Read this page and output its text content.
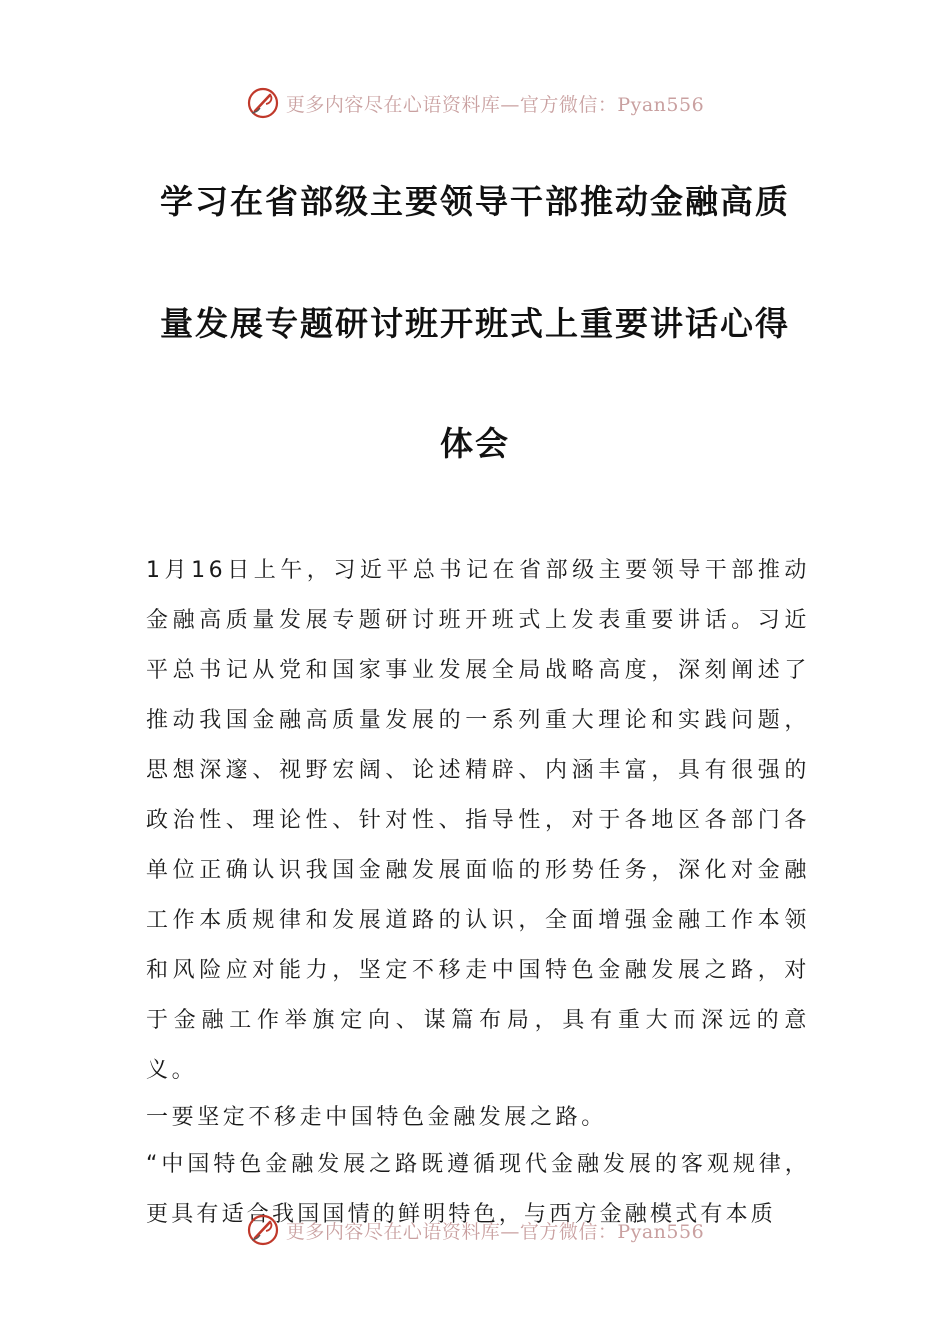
更多内容尽在心语资料库—官方微信：Pyan556
学习在省部级主要领导干部推动金融高质
量发展专题研讨班开班式上重要讲话心得
体会

1月16日上午，习近平总书记在省部级主要领导干部推动金融高质量发展专题研讨班开班式上发表重要讲话。习近平总书记从党和国家事业发展全局战略高度，深刻阐述了推动我国金融高质量发展的一系列重大理论和实践问题，思想深邃、视野宏阔、论述精辟、内涵丰富，具有很强的政治性、理论性、针对性、指导性，对于各地区各部门各单位正确认识我国金融发展面临的形势任务，深化对金融工作本质规律和发展道路的认识，全面增强金融工作本领和风险应对能力，坚定不移走中国特色金融发展之路，对于金融工作举旗定向、谋篇布局，具有重大而深远的意义。

一要坚定不移走中国特色金融发展之路。

“中国特色金融发展之路既遵循现代金融发展的客观规律，更具有适合我国国情的鲜明特色，与西方金融模式有本质

更多内容尽在心语资料库—官方微信：Pyan556
